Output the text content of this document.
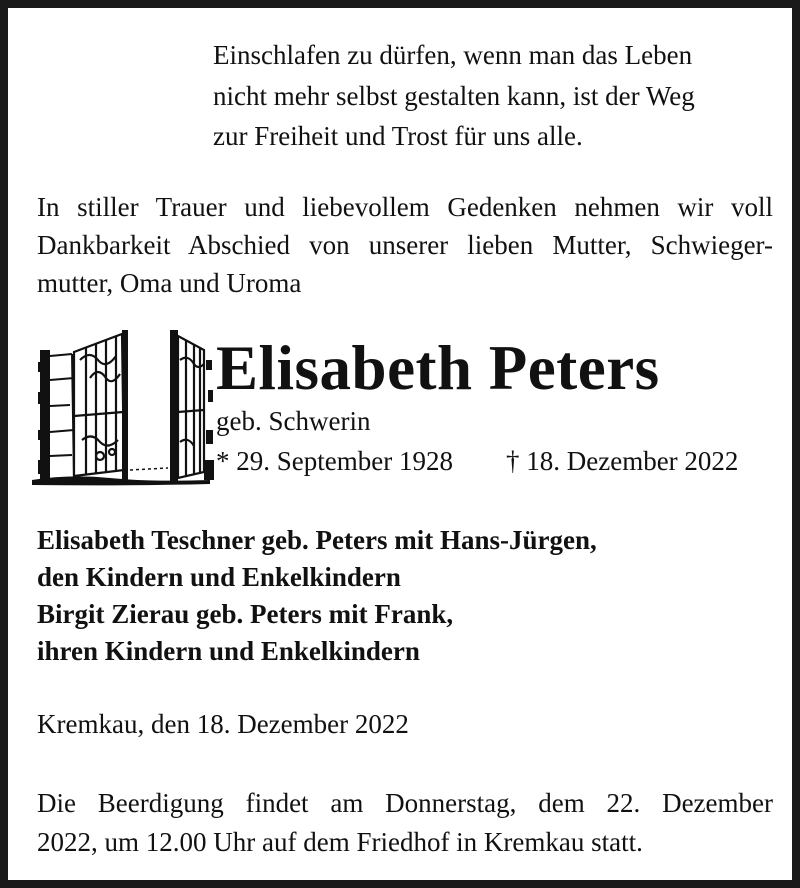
Einschlafen zu dürfen, wenn man das Leben
nicht mehr selbst gestalten kann, ist der Weg
zur Freiheit und Trost für uns alle.
In stiller Trauer und liebevollem Gedenken nehmen wir voll
Dankbarkeit Abschied von unserer lieben Mutter, Schwieger-
mutter, Oma und Uroma
Elisabeth Peters
geb. Schwerin
* 29. September 1928 † 18. Dezember 2022
Elisabeth Teschner geb. Peters mit Hans-Jürgen,
den Kindern und Enkelkindern
Birgit Zierau geb. Peters mit Frank,
ihren Kindern und Enkelkindern
Kremkau, den 18. Dezember 2022
Die Beerdigung findet am Donnerstag, dem 22. Dezember
2022, um 12.00 Uhr auf dem Friedhof in Kremkau statt.
